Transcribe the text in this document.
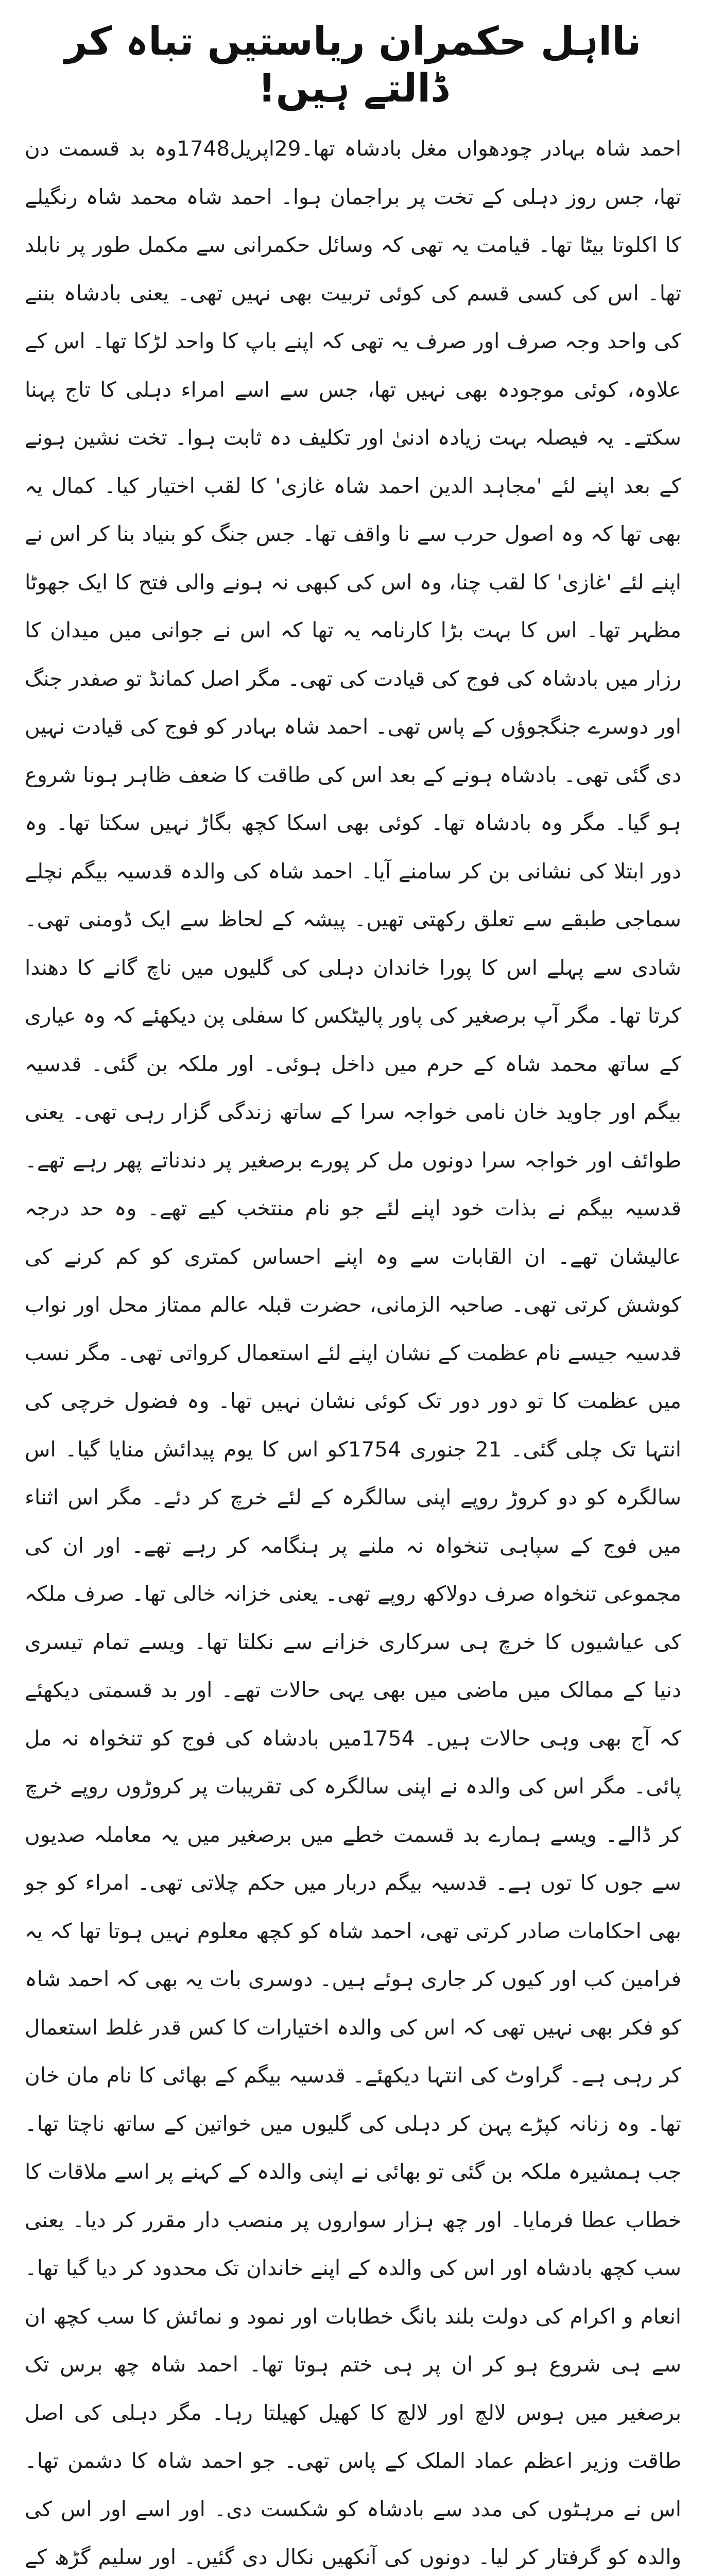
نااہل حکمران ریاستیں تباہ کر ڈالتے ہیں!

احمد شاہ بہادر چودھواں مغل بادشاہ تھا۔29اپریل1748وہ بد قسمت دن تھا، جس روز دہلی کے تخت پر براجمان ہوا۔ احمد شاہ محمد شاہ رنگیلے کا اکلوتا بیٹا تھا۔ قیامت یہ تھی کہ وسائل حکمرانی سے مکمل طور پر نابلد تھا۔ اس کی کسی قسم کی کوئی تربیت بھی نہیں تھی۔ یعنی بادشاہ بننے کی واحد وجہ صرف اور صرف یہ تھی کہ اپنے باپ کا واحد لڑکا تھا۔ اس کے علاوہ، کوئی موجودہ بھی نہیں تھا، جس سے اسے امراء دہلی کا تاج پہنا سکتے۔ یہ فیصلہ بہت زیادہ ادنیٰ اور تکلیف دہ ثابت ہوا۔ تخت نشین ہونے کے بعد اپنے لئے 'مجاہد الدین احمد شاہ غازی' کا لقب اختیار کیا۔ کمال یہ بھی تھا کہ وہ اصول حرب سے نا واقف تھا۔ جس جنگ کو بنیاد بنا کر اس نے اپنے لئے 'غازی' کا لقب چنا، وہ اس کی کبھی نہ ہونے والی فتح کا ایک جھوٹا مظہر تھا۔ اس کا بہت بڑا کارنامہ یہ تھا کہ اس نے جوانی میں میدان کا رزار میں بادشاہ کی فوج کی قیادت کی تھی۔ مگر اصل کمانڈ تو صفدر جنگ اور دوسرے جنگجوؤں کے پاس تھی۔ احمد شاہ بہادر کو فوج کی قیادت نہیں دی گئی تھی۔ بادشاہ ہونے کے بعد اس کی طاقت کا ضعف ظاہر ہونا شروع ہو گیا۔ مگر وہ بادشاہ تھا۔ کوئی بھی اسکا کچھ بگاڑ نہیں سکتا تھا۔ وہ دور ابتلا کی نشانی بن کر سامنے آیا۔ احمد شاہ کی والدہ قدسیہ بیگم نچلے سماجی طبقے سے تعلق رکھتی تھیں۔ پیشہ کے لحاظ سے ایک ڈومنی تھی۔ شادی سے پہلے اس کا پورا خاندان دہلی کی گلیوں میں ناچ گانے کا دھندا کرتا تھا۔ مگر آپ برصغیر کی پاور پالیٹکس کا سفلی پن دیکھئے کہ وہ عیاری کے ساتھ محمد شاہ کے حرم میں داخل ہوئی۔ اور ملکہ بن گئی۔ قدسیہ بیگم اور جاوید خان نامی خواجہ سرا کے ساتھ زندگی گزار رہی تھی۔ یعنی طوائف اور خواجہ سرا دونوں مل کر پورے برصغیر پر دندناتے پھر رہے تھے۔ قدسیہ بیگم نے بذات خود اپنے لئے جو نام منتخب کیے تھے۔ وہ حد درجہ عالیشان تھے۔ ان القابات سے وہ اپنے احساس کمتری کو کم کرنے کی کوشش کرتی تھی۔ صاحبہ الزمانی، حضرت قبلہ عالم ممتاز محل اور نواب قدسیہ جیسے نام عظمت کے نشان اپنے لئے استعمال کرواتی تھی۔ مگر نسب میں عظمت کا تو دور دور تک کوئی نشان نہیں تھا۔ وہ فضول خرچی کی انتہا تک چلی گئی۔ 21 جنوری 1754کو اس کا یوم پیدائش منایا گیا۔ اس سالگرہ کو دو کروڑ روپے اپنی سالگرہ کے لئے خرچ کر دئے۔ مگر اس اثناء میں فوج کے سپاہی تنخواہ نہ ملنے پر ہنگامہ کر رہے تھے۔ اور ان کی مجموعی تنخواہ صرف دولاکھ روپے تھی۔ یعنی خزانہ خالی تھا۔ صرف ملکہ کی عیاشیوں کا خرچ ہی سرکاری خزانے سے نکلتا تھا۔ ویسے تمام تیسری دنیا کے ممالک میں ماضی میں بھی یہی حالات تھے۔ اور بد قسمتی دیکھئے کہ آج بھی وہی حالات ہیں۔ 1754میں بادشاہ کی فوج کو تنخواہ نہ مل پائی۔ مگر اس کی والدہ نے اپنی سالگرہ کی تقریبات پر کروڑوں روپے خرچ کر ڈالے۔ ویسے ہمارے بد قسمت خطے میں برصغیر میں یہ معاملہ صدیوں سے جوں کا توں ہے۔ قدسیہ بیگم دربار میں حکم چلاتی تھی۔ امراء کو جو بھی احکامات صادر کرتی تھی، احمد شاہ کو کچھ معلوم نہیں ہوتا تھا کہ یہ فرامین کب اور کیوں کر جاری ہوئے ہیں۔ دوسری بات یہ بھی کہ احمد شاہ کو فکر بھی نہیں تھی کہ اس کی والدہ اختیارات کا کس قدر غلط استعمال کر رہی ہے۔ گراوٹ کی انتہا دیکھئے۔ قدسیہ بیگم کے بھائی کا نام مان خان تھا۔ وہ زنانہ کپڑے پہن کر دہلی کی گلیوں میں خواتین کے ساتھ ناچتا تھا۔ جب ہمشیرہ ملکہ بن گئی تو بھائی نے اپنی والدہ کے کہنے پر اسے ملاقات کا خطاب عطا فرمایا۔ اور چھ ہزار سواروں پر منصب دار مقرر کر دیا۔ یعنی سب کچھ بادشاہ اور اس کی والدہ کے اپنے خاندان تک محدود کر دیا گیا تھا۔ انعام و اکرام کی دولت بلند بانگ خطابات اور نمود و نمائش کا سب کچھ ان سے ہی شروع ہو کر ان پر ہی ختم ہوتا تھا۔ احمد شاہ چھ برس تک برصغیر میں ہوس لالچ اور لالچ کا کھیل کھیلتا رہا۔ مگر دہلی کی اصل طاقت وزیر اعظم عماد الملک کے پاس تھی۔ جو احمد شاہ کا دشمن تھا۔ اس نے مرہٹوں کی مدد سے بادشاہ کو شکست دی۔ اور اسے اور اس کی والدہ کو گرفتار کر لیا۔ دونوں کی آنکھیں نکال دی گئیں۔ اور سلیم گڑھ کے
